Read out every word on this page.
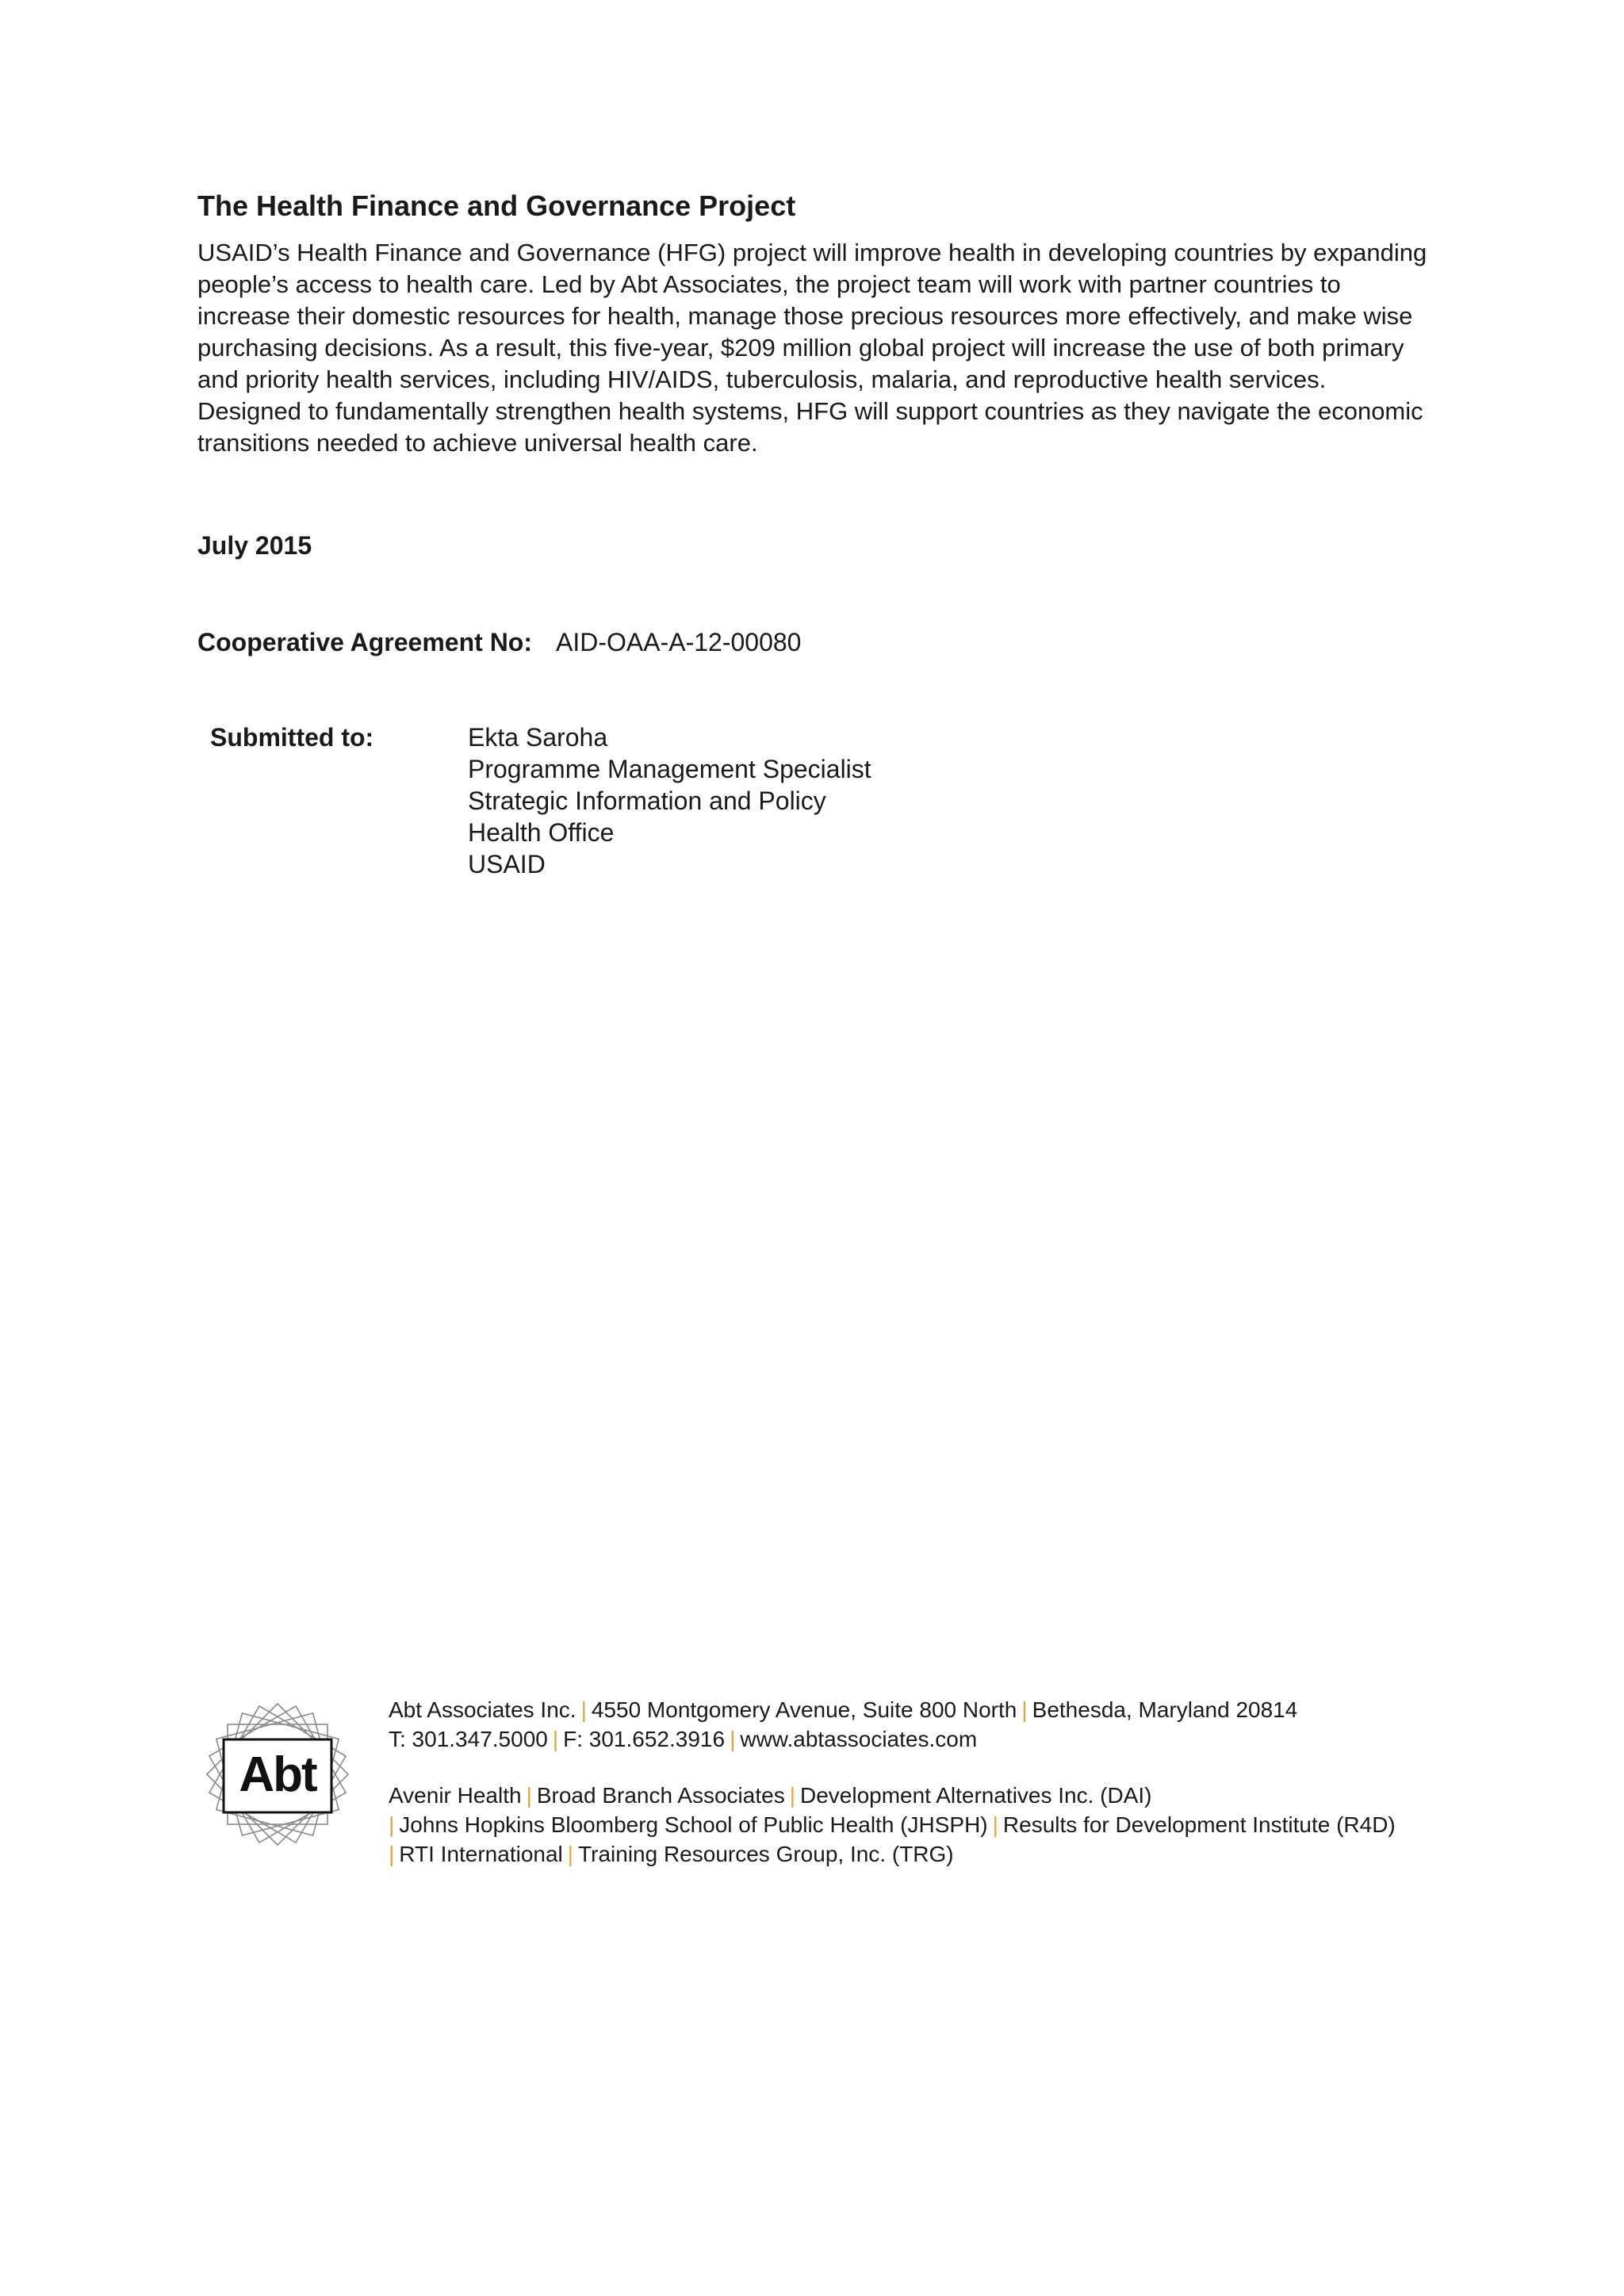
The Health Finance and Governance Project

USAID’s Health Finance and Governance (HFG) project will improve health in developing countries by expanding people’s access to health care. Led by Abt Associates, the project team will work with partner countries to increase their domestic resources for health, manage those precious resources more effectively, and make wise purchasing decisions. As a result, this five-year, $209 million global project will increase the use of both primary and priority health services, including HIV/AIDS, tuberculosis, malaria, and reproductive health services. Designed to fundamentally strengthen health systems, HFG will support countries as they navigate the economic transitions needed to achieve universal health care.

July 2015
Cooperative Agreement No: AID-OAA-A-12-00080
Submitted to:	Ekta Saroha
Programme Management Specialist
Strategic Information and Policy
Health Office
USAID
Abt
Abt Associates Inc. | 4550 Montgomery Avenue, Suite 800 North | Bethesda, Maryland 20814
T: 301.347.5000 | F: 301.652.3916 | www.abtassociates.com
Avenir Health | Broad Branch Associates | Development Alternatives Inc. (DAI)
| Johns Hopkins Bloomberg School of Public Health (JHSPH) | Results for Development Institute (R4D)
| RTI International | Training Resources Group, Inc. (TRG)
